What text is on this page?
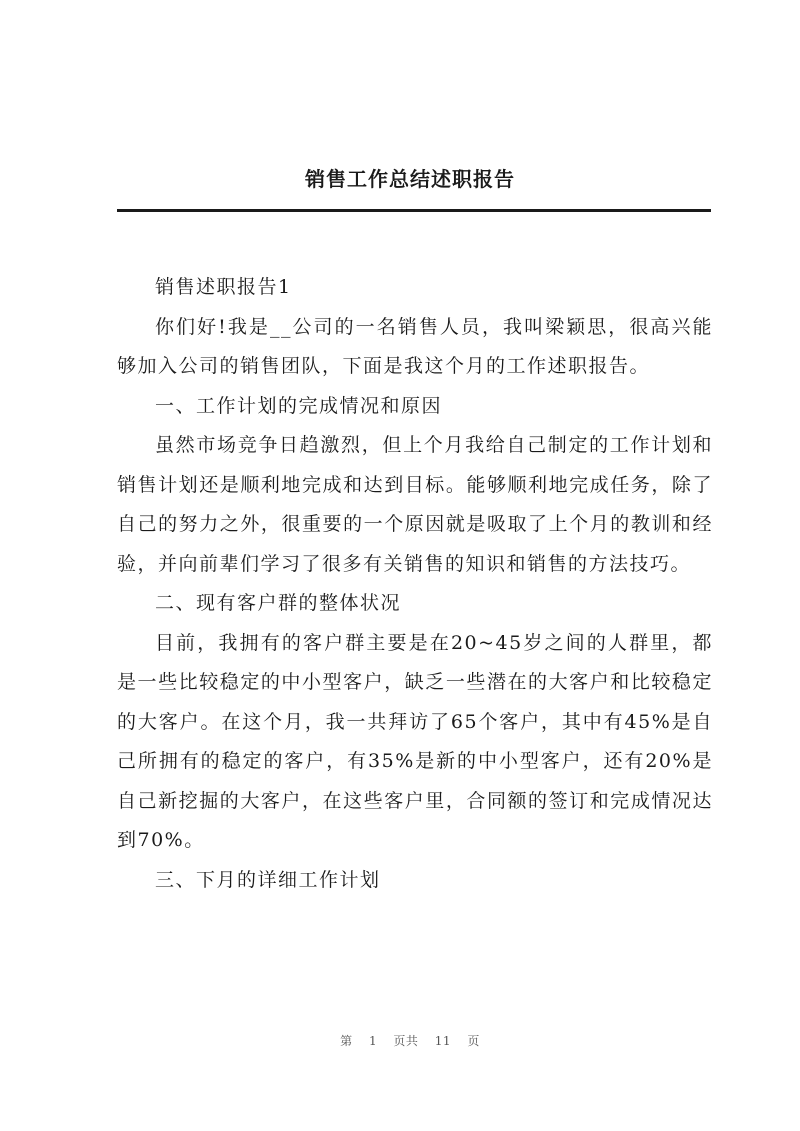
销售工作总结述职报告

销售述职报告1

你们好!我是__公司的一名销售人员，我叫梁颖思，很高兴能够加入公司的销售团队，下面是我这个月的工作述职报告。

一、工作计划的完成情况和原因

虽然市场竞争日趋激烈，但上个月我给自己制定的工作计划和销售计划还是顺利地完成和达到目标。能够顺利地完成任务，除了自己的努力之外，很重要的一个原因就是吸取了上个月的教训和经验，并向前辈们学习了很多有关销售的知识和销售的方法技巧。

二、现有客户群的整体状况

目前，我拥有的客户群主要是在20~45岁之间的人群里，都是一些比较稳定的中小型客户，缺乏一些潜在的大客户和比较稳定的大客户。在这个月，我一共拜访了65个客户，其中有45%是自己所拥有的稳定的客户，有35%是新的中小型客户，还有20%是自己新挖掘的大客户，在这些客户里，合同额的签订和完成情况达到70%。

三、下月的详细工作计划

第 1 页共 11 页
